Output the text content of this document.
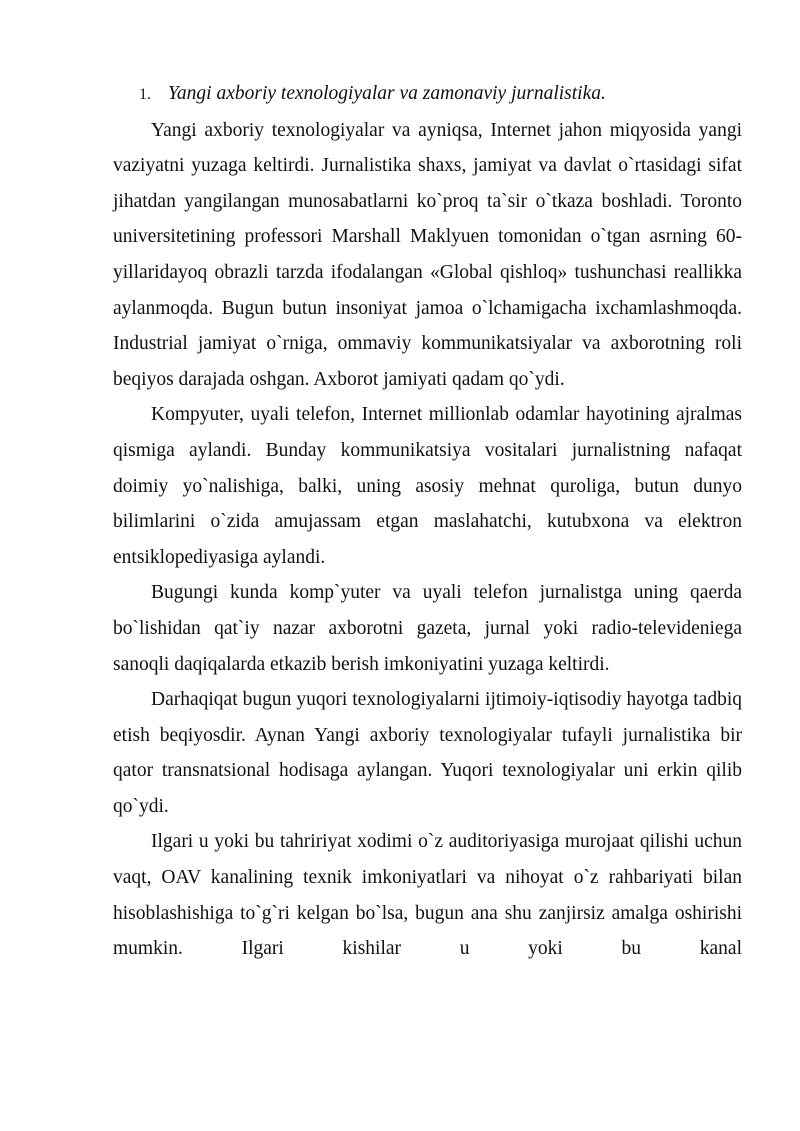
1. Yangi axboriy texnologiyalar va zamonaviy jurnalistika.

Yangi axboriy texnologiyalar va ayniqsa, Internet jahon miqyosida yangi vaziyatni yuzaga keltirdi. Jurnalistika shaxs, jamiyat va davlat o`rtasidagi sifat jihatdan yangilangan munosabatlarni ko`proq ta`sir o`tkaza boshladi. Toronto universitetining professori Marshall Maklyuen tomonidan o`tgan asrning 60-yillaridayoq obrazli tarzda ifodalangan «Global qishloq» tushunchasi reallikka aylanmoqda. Bugun butun insoniyat jamoa o`lchamigacha ixchamlashmoqda. Industrial jamiyat o`rniga, ommaviy kommunikatsiyalar va axborotning roli beqiyos darajada oshgan. Axborot jamiyati qadam qo`ydi.

Kompyuter, uyali telefon, Internet millionlab odamlar hayotining ajralmas qismiga aylandi. Bunday kommunikatsiya vositalari jurnalistning nafaqat doimiy yo`nalishiga, balki, uning asosiy mehnat quroliga, butun dunyo bilimlarini o`zida amujassam etgan maslahatchi, kutubxona va elektron entsiklopediyasiga aylandi.

Bugungi kunda komp`yuter va uyali telefon jurnalistga uning qaerda bo`lishidan qat`iy nazar axborotni gazeta, jurnal yoki radio-televideniega sanoqli daqiqalarda etkazib berish imkoniyatini yuzaga keltirdi.

Darhaqiqat bugun yuqori texnologiyalarni ijtimoiy-iqtisodiy hayotga tadbiq etish beqiyosdir. Aynan Yangi axboriy texnologiyalar tufayli jurnalistika bir qator transnatsional hodisaga aylangan. Yuqori texnologiyalar uni erkin qilib qo`ydi.

Ilgari u yoki bu tahririyat xodimi o`z auditoriyasiga murojaat qilishi uchun vaqt, OAV kanalining texnik imkoniyatlari va nihoyat o`z rahbariyati bilan hisoblashishiga to`g`ri kelgan bo`lsa, bugun ana shu zanjirsiz amalga oshirishi mumkin. Ilgari kishilar u yoki bu kanal
